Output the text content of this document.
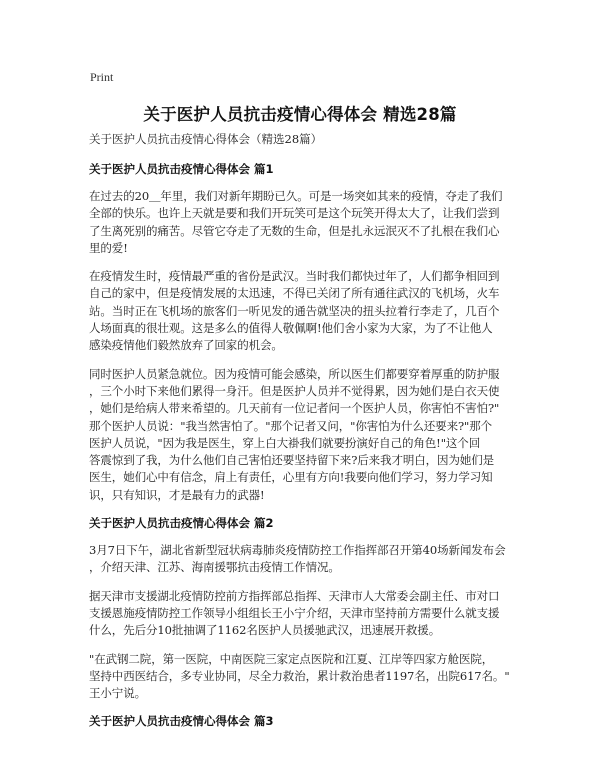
Print
关于医护人员抗击疫情心得体会 精选28篇

关于医护人员抗击疫情心得体会（精选28篇）

关于医护人员抗击疫情心得体会 篇1

在过去的20＿年里，我们对新年期盼已久。可是一场突如其来的疫情，夺走了我们
全部的快乐。也许上天就是要和我们开玩笑可是这个玩笑开得太大了，让我们尝到
了生离死别的痛苦。尽管它夺走了无数的生命，但是扎永远泯灭不了扎根在我们心
里的爱!

在疫情发生时，疫情最严重的省份是武汉。当时我们都快过年了，人们都争相回到
自己的家中，但是疫情发展的太迅速，不得已关闭了所有通往武汉的飞机场，火车
站。当时正在飞机场的旅客们一听见发的通告就坚决的扭头拉着行李走了，几百个
人场面真的很壮观。这是多么的值得人敬佩啊!他们舍小家为大家，为了不让他人
感染疫情他们毅然放弃了回家的机会。

同时医护人员紧急就位。因为疫情可能会感染，所以医生们都要穿着厚重的防护服
，三个小时下来他们累得一身汗。但是医护人员并不觉得累，因为她们是白衣天使
，她们是给病人带来希望的。几天前有一位记者问一个医护人员，你害怕不害怕?"
那个医护人员说："我当然害怕了。"那个记者又问，"你害怕为什么还要来?"那个
医护人员说，"因为我是医生，穿上白大褂我们就要扮演好自己的角色!"这个回
答震惊到了我，为什么他们自己害怕还要坚持留下来?后来我才明白，因为她们是
医生，她们心中有信念，肩上有责任，心里有方向!我要向他们学习，努力学习知
识，只有知识，才是最有力的武器!

关于医护人员抗击疫情心得体会 篇2

3月7日下午，湖北省新型冠状病毒肺炎疫情防控工作指挥部召开第40场新闻发布会
，介绍天津、江苏、海南援鄂抗击疫情工作情况。

据天津市支援湖北疫情防控前方指挥部总指挥、天津市人大常委会副主任、市对口
支援恩施疫情防控工作领导小组组长王小宁介绍，天津市坚持前方需要什么就支援
什么，先后分10批抽调了1162名医护人员援驰武汉，迅速展开救援。

"在武钢二院，第一医院，中南医院三家定点医院和江夏、江岸等四家方舱医院，
坚持中西医结合，多专业协同，尽全力救治，累计救治患者1197名，出院617名。"
王小宁说。

关于医护人员抗击疫情心得体会 篇3
